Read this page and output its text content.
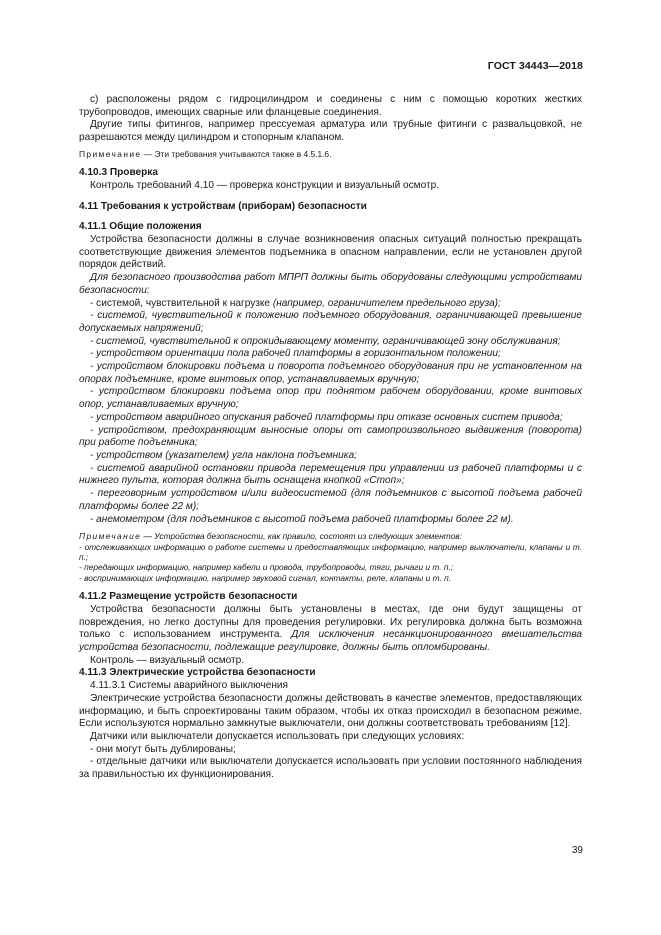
ГОСТ 34443—2018

с) расположены рядом с гидроцилиндром и соединены с ним с помощью коротких жестких трубопроводов, имеющих сварные или фланцевые соединения.

Другие типы фитингов, например прессуемая арматура или трубные фитинги с развальцовкой, не разрешаются между цилиндром и стопорным клапаном.

Примечание — Эти требования учитываются также в 4.5.1.6.

4.10.3 Проверка

Контроль требований 4.10 — проверка конструкции и визуальный осмотр.

4.11 Требования к устройствам (приборам) безопасности

4.11.1 Общие положения

Устройства безопасности должны в случае возникновения опасных ситуаций полностью прекращать соответствующие движения элементов подъемника в опасном направлении, если не установлен другой порядок действий.

Для безопасного производства работ МПРП должны быть оборудованы следующими устройствами безопасности:

- системой, чувствительной к нагрузке (например, ограничителем предельного груза);

- системой, чувствительной к положению подъемного оборудования, ограничивающей превышение допускаемых напряжений;

- системой, чувствительной к опрокидывающему моменту, ограничивающей зону обслуживания;

- устройством ориентации пола рабочей платформы в горизонтальном положении;

- устройством блокировки подъема и поворота подъемного оборудования при не установленном на опорах подъемнике, кроме винтовых опор, устанавливаемых вручную;

- устройством блокировки подъема опор при поднятом рабочем оборудовании, кроме винтовых опор, устанавливаемых вручную;

- устройством аварийного опускания рабочей платформы при отказе основных систем привода;

- устройством, предохраняющим выносные опоры от самопроизвольного выдвижения (поворота) при работе подъемника;

- устройством (указателем) угла наклона подъемника;

- системой аварийной остановки привода перемещения при управлении из рабочей платформы и с нижнего пульта, которая должна быть оснащена кнопкой «Стоп»;

- переговорным устройством и/или видеосистемой (для подъемников с высотой подъема рабочей платформы более 22 м);

- анемометром (для подъемников с высотой подъема рабочей платформы более 22 м).

Примечание — Устройства безопасности, как правило, состоят из следующих элементов:

- отслеживающих информацию о работе системы и предоставляющих информацию, например выключатели, клапаны и т. п.;

- передающих информацию, например кабели и провода, трубопроводы, тяги, рычаги и т. п.;

- воспринимающих информацию, например звуковой сигнал, контакты, реле, клапаны и т. п.

4.11.2 Размещение устройств безопасности

Устройства безопасности должны быть установлены в местах, где они будут защищены от повреждения, но легко доступны для проведения регулировки. Их регулировка должна быть возможна только с использованием инструмента. Для исключения несанкционированного вмешательства устройства безопасности, подлежащие регулировке, должны быть опломбированы.

Контроль — визуальный осмотр.

4.11.3 Электрические устройства безопасности

4.11.3.1 Системы аварийного выключения

Электрические устройства безопасности должны действовать в качестве элементов, предоставляющих информацию, и быть спроектированы таким образом, чтобы их отказ происходил в безопасном режиме. Если используются нормально замкнутые выключатели, они должны соответствовать требованиям [12].

Датчики или выключатели допускается использовать при следующих условиях:

- они могут быть дублированы;

- отдельные датчики или выключатели допускается использовать при условии постоянного наблюдения за правильностью их функционирования.

39
